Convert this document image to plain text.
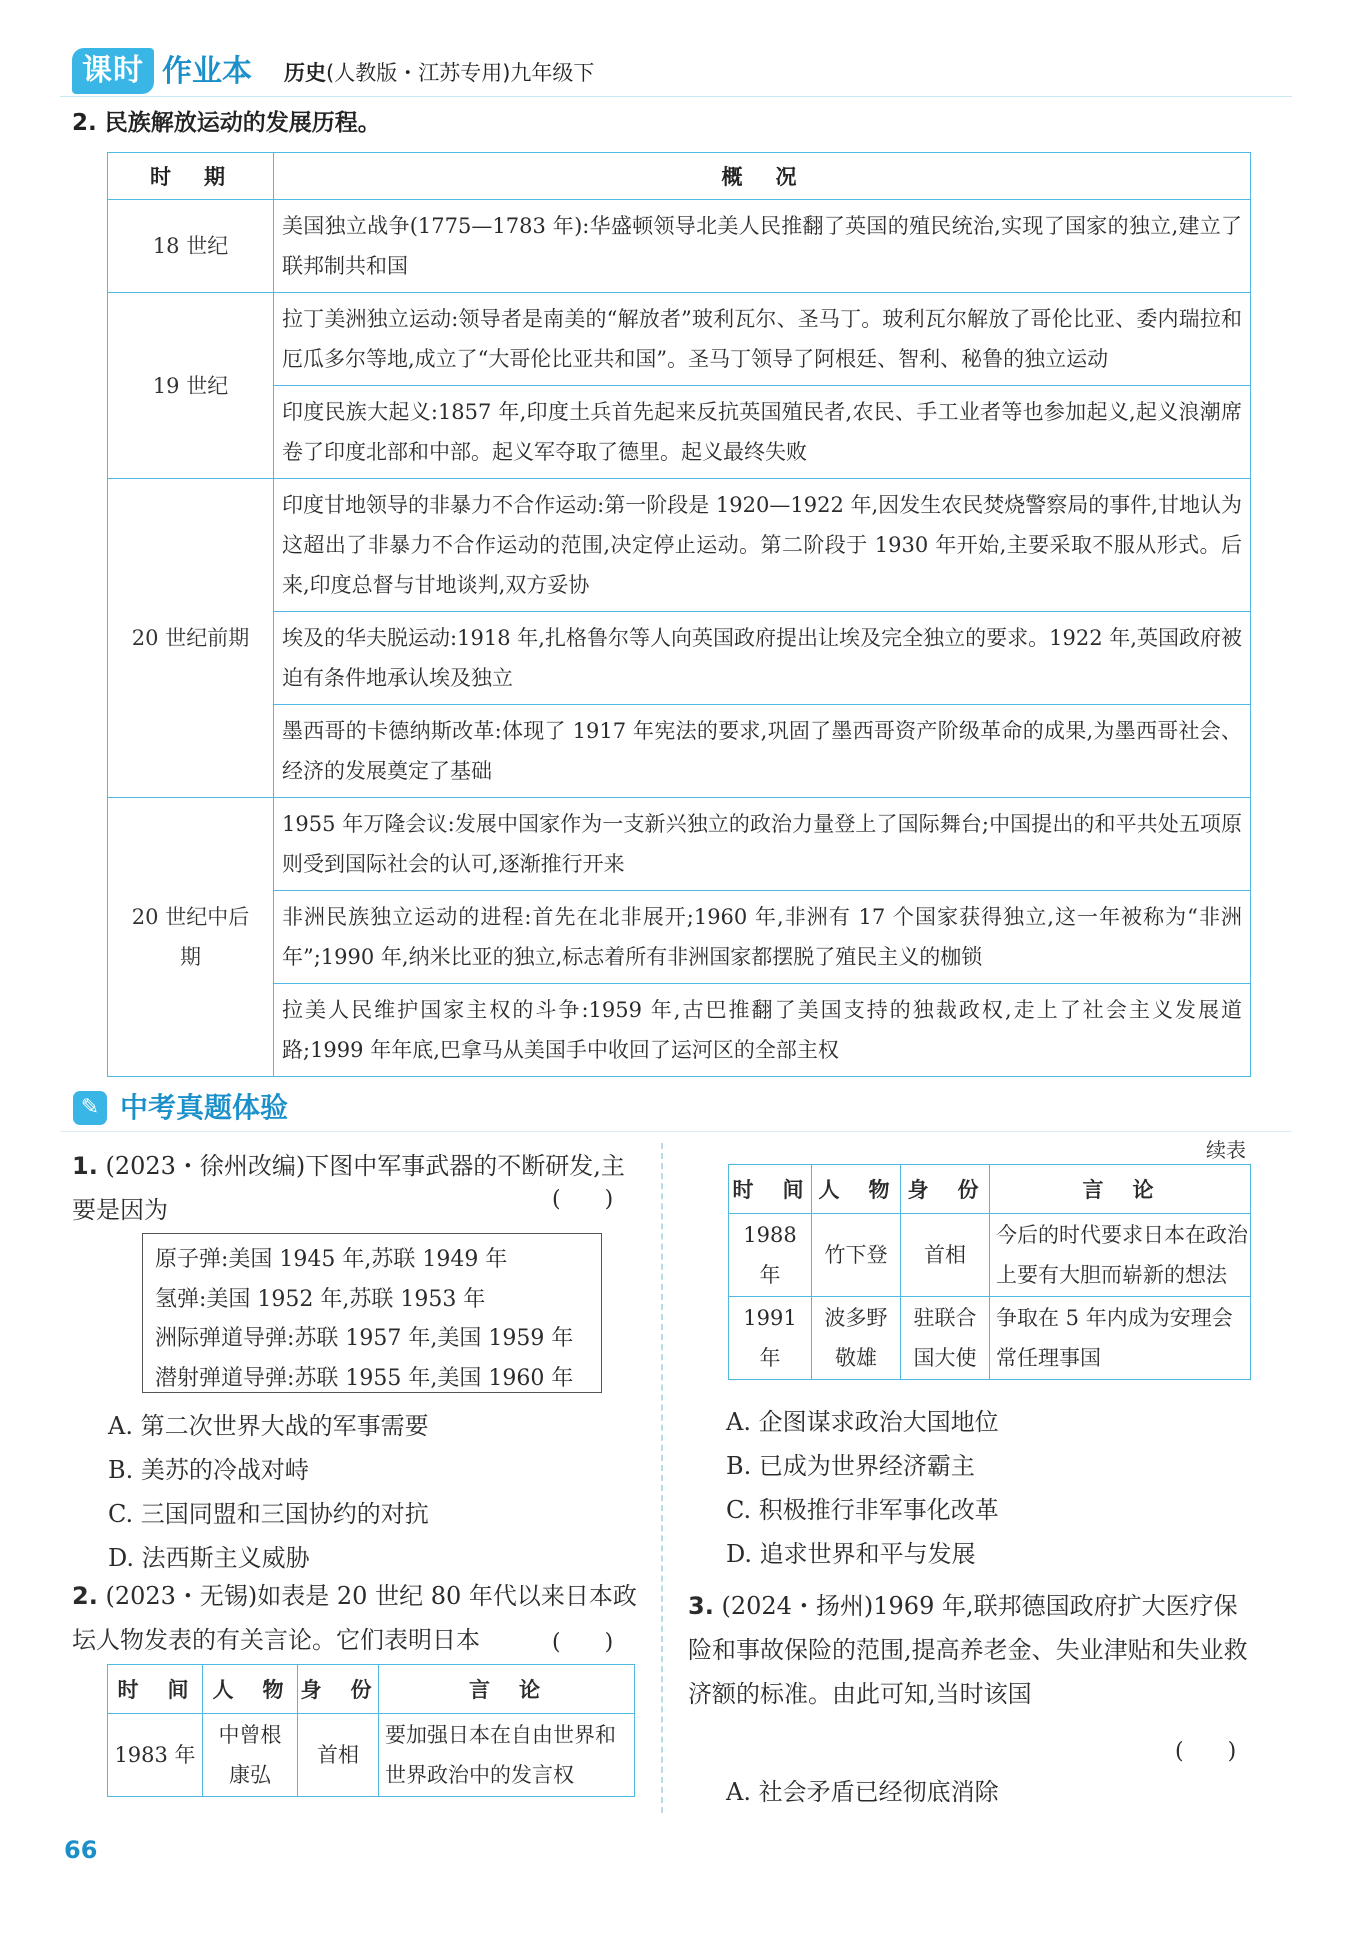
课时 作业本 历史(人教版・江苏专用)九年级下
2. 民族解放运动的发展历程。
时　期	概　况
18 世纪	美国独立战争(1775—1783 年):华盛顿领导北美人民推翻了英国的殖民统治,实现了国家的独立,建立了联邦制共和国
19 世纪	拉丁美洲独立运动:领导者是南美的“解放者”玻利瓦尔、圣马丁。玻利瓦尔解放了哥伦比亚、委内瑞拉和厄瓜多尔等地,成立了“大哥伦比亚共和国”。圣马丁领导了阿根廷、智利、秘鲁的独立运动
	印度民族大起义:1857 年,印度土兵首先起来反抗英国殖民者,农民、手工业者等也参加起义,起义浪潮席卷了印度北部和中部。起义军夺取了德里。起义最终失败
20 世纪前期	印度甘地领导的非暴力不合作运动:第一阶段是 1920—1922 年,因发生农民焚烧警察局的事件,甘地认为这超出了非暴力不合作运动的范围,决定停止运动。第二阶段于 1930 年开始,主要采取不服从形式。后来,印度总督与甘地谈判,双方妥协
	埃及的华夫脱运动:1918 年,扎格鲁尔等人向英国政府提出让埃及完全独立的要求。1922 年,英国政府被迫有条件地承认埃及独立
	墨西哥的卡德纳斯改革:体现了 1917 年宪法的要求,巩固了墨西哥资产阶级革命的成果,为墨西哥社会、经济的发展奠定了基础
20 世纪中后期	1955 年万隆会议:发展中国家作为一支新兴独立的政治力量登上了国际舞台;中国提出的和平共处五项原则受到国际社会的认可,逐渐推行开来
	非洲民族独立运动的进程:首先在北非展开;1960 年,非洲有 17 个国家获得独立,这一年被称为“非洲年”;1990 年,纳米比亚的独立,标志着所有非洲国家都摆脱了殖民主义的枷锁
	拉美人民维护国家主权的斗争:1959 年,古巴推翻了美国支持的独裁政权,走上了社会主义发展道路;1999 年年底,巴拿马从美国手中收回了运河区的全部主权
✎ 中考真题体验
1. (2023・徐州改编)下图中军事武器的不断研发,主要是因为	(　　)
原子弹:美国 1945 年,苏联 1949 年
氢弹:美国 1952 年,苏联 1953 年
洲际弹道导弹:苏联 1957 年,美国 1959 年
潜射弹道导弹:苏联 1955 年,美国 1960 年
A. 第二次世界大战的军事需要
B. 美苏的冷战对峙
C. 三国同盟和三国协约的对抗
D. 法西斯主义威胁
2. (2023・无锡)如表是 20 世纪 80 年代以来日本政坛人物发表的有关言论。它们表明日本	(　　)
时　间	人　物	身　份	言　论
1983 年	中曾根康弘	首相	要加强日本在自由世界和世界政治中的发言权
续表
时　间	人　物	身　份	言　论
1988 年	竹下登	首相	今后的时代要求日本在政治上要有大胆而崭新的想法
1991 年	波多野敬雄	驻联合国大使	争取在 5 年内成为安理会常任理事国
A. 企图谋求政治大国地位
B. 已成为世界经济霸主
C. 积极推行非军事化改革
D. 追求世界和平与发展
3. (2024・扬州)1969 年,联邦德国政府扩大医疗保险和事故保险的范围,提高养老金、失业津贴和失业救济额的标准。由此可知,当时该国
(　　)
A. 社会矛盾已经彻底消除
66
